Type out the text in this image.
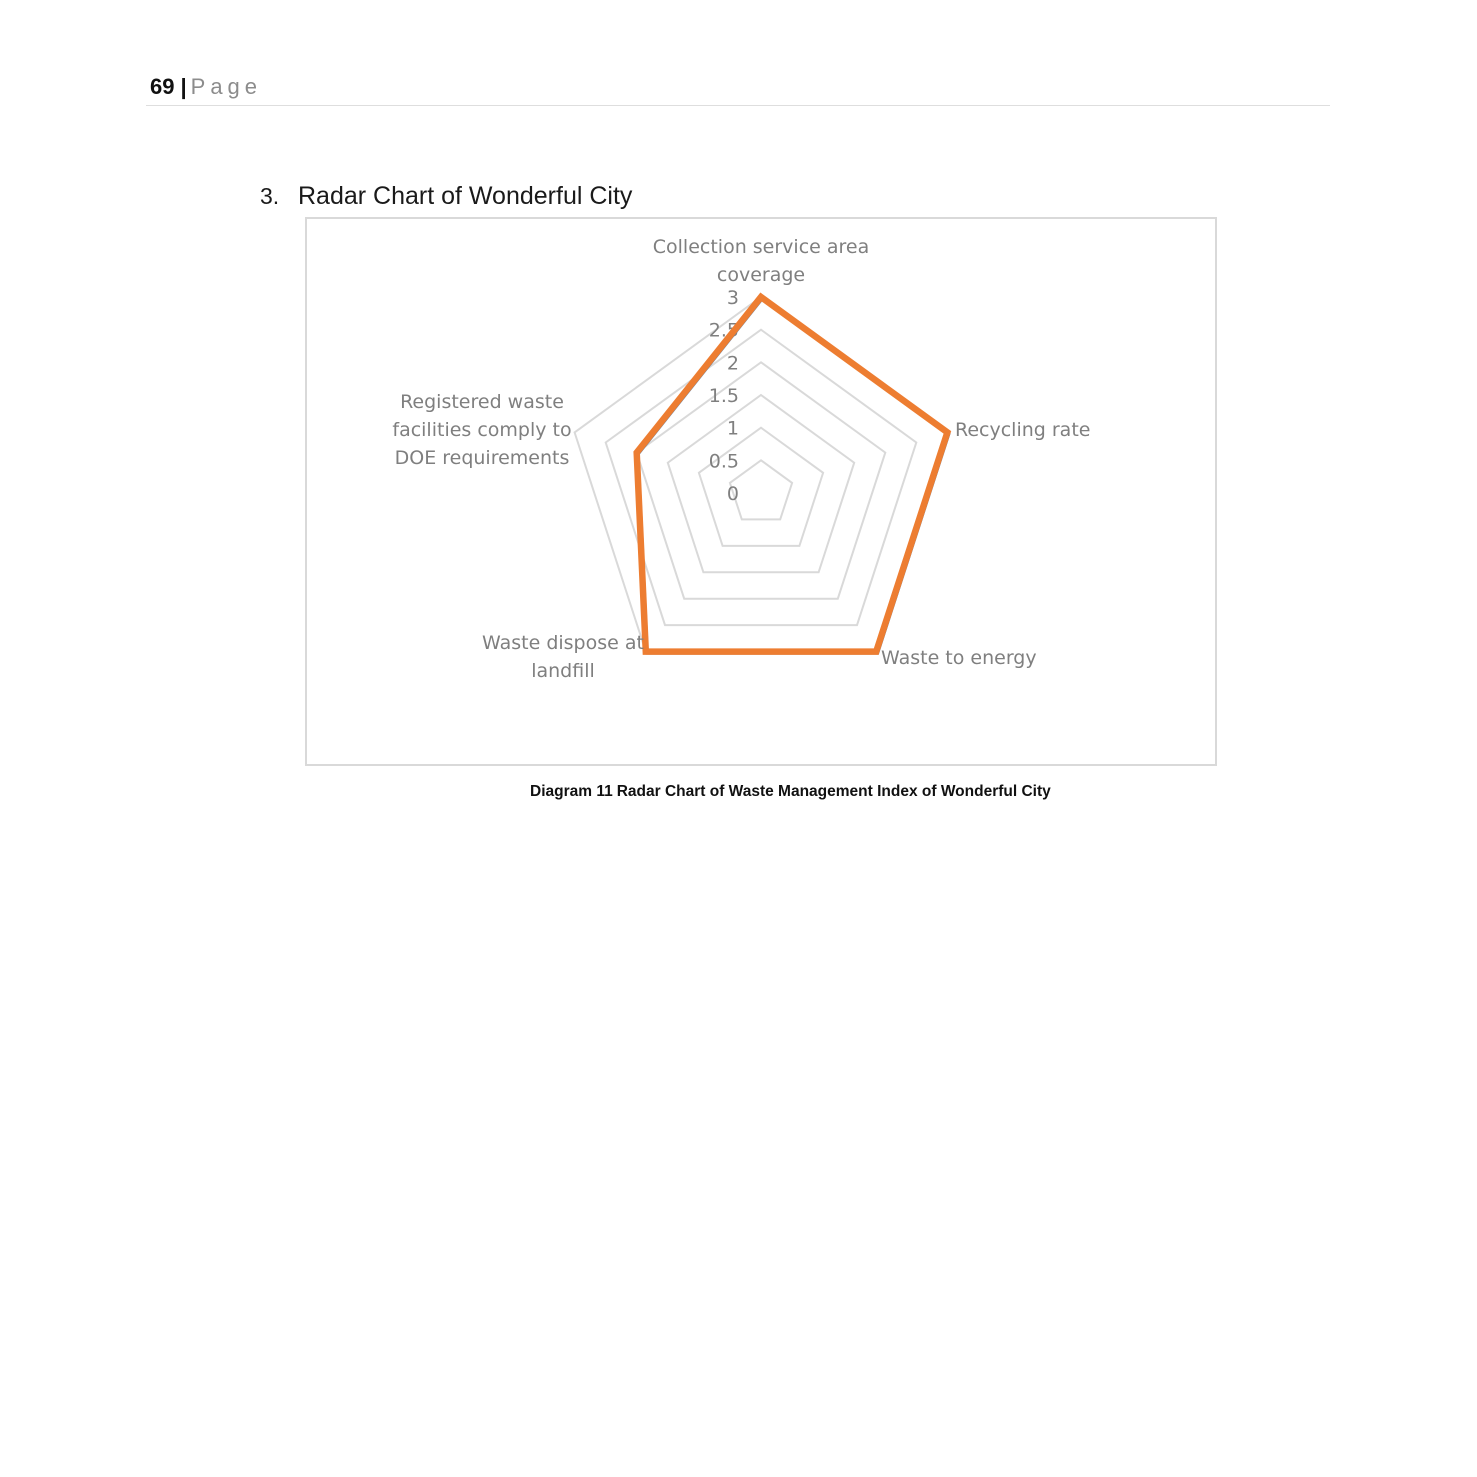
69 | Page
3. Radar Chart of Wonderful City
0
0.5
1
1.5
2
2.5
3
Collection service area coverage
Recycling rate
Waste to energy
Waste dispose at landfill
Registered waste facilities comply to DOE requirements
Diagram 11 Radar Chart of Waste Management Index of Wonderful City
